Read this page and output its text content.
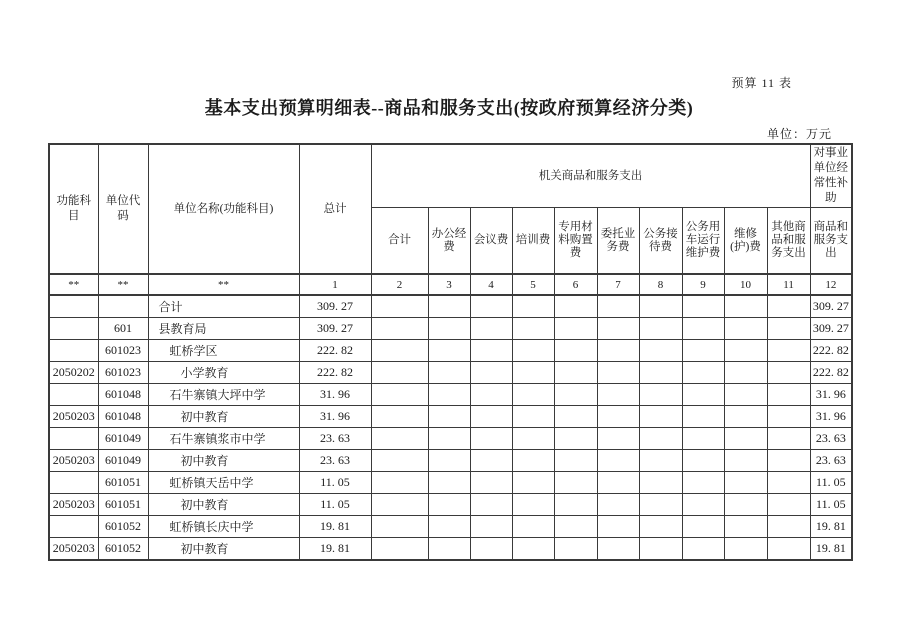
预算 11 表
基本支出预算明细表--商品和服务支出(按政府预算经济分类)
单位：万元
功能科目	单位代码	单位名称(功能科目)	总计	机关商品和服务支出										对事业单位经常性补助
				合计	办公经费	会议费	培训费	专用材料购置费	委托业务费	公务接待费	公务用车运行维护费	维修(护)费	其他商品和服务支出	商品和服务支出
**	**	**	1	2	3	4	5	6	7	8	9	10	11	12
		合计	309. 27											309. 27
	601	县教育局	309. 27											309. 27
	601023	虹桥学区	222. 82											222. 82
2050202	601023	小学教育	222. 82											222. 82
	601048	石牛寨镇大坪中学	31. 96											31. 96
2050203	601048	初中教育	31. 96											31. 96
	601049	石牛寨镇浆市中学	23. 63											23. 63
2050203	601049	初中教育	23. 63											23. 63
	601051	虹桥镇天岳中学	11. 05											11. 05
2050203	601051	初中教育	11. 05											11. 05
	601052	虹桥镇长庆中学	19. 81											19. 81
2050203	601052	初中教育	19. 81											19. 81
